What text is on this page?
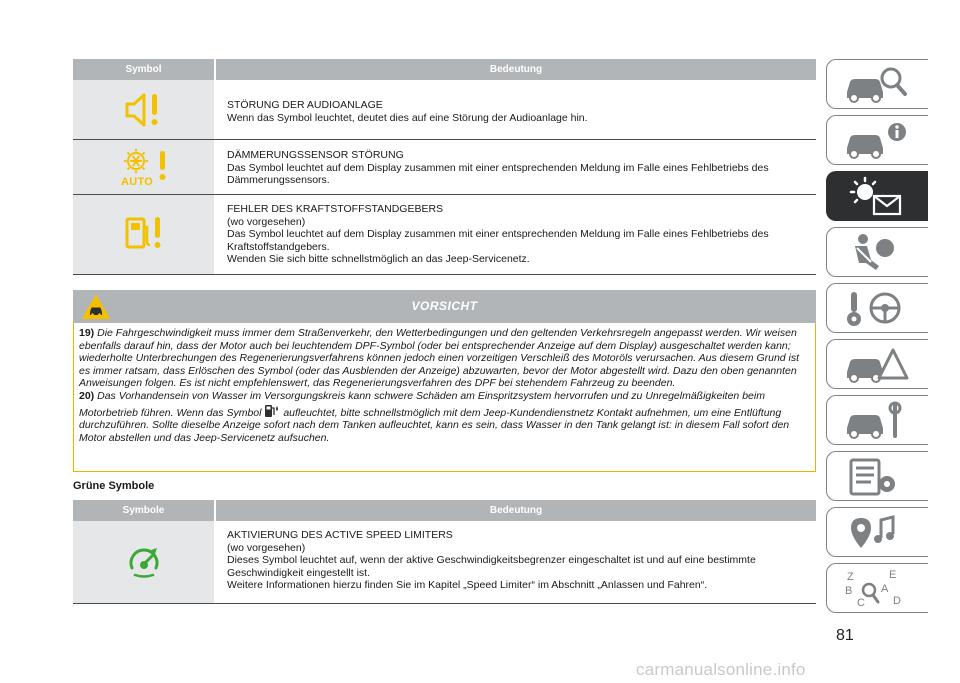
Symbol	Bedeutung
STÖRUNG DER AUDIOANLAGE
Wenn das Symbol leuchtet, deutet dies auf eine Störung der Audioanlage hin.
AUTO
DÄMMERUNGSSENSOR STÖRUNG
Das Symbol leuchtet auf dem Display zusammen mit einer entsprechenden Meldung im Falle eines Fehlbetriebs des Dämmerungssensors.
FEHLER DES KRAFTSTOFFSTANDGEBERS
(wo vorgesehen)
Das Symbol leuchtet auf dem Display zusammen mit einer entsprechenden Meldung im Falle eines Fehlbetriebs des Kraftstoffstandgebers.
Wenden Sie sich bitte schnellstmöglich an das Jeep-Servicenetz.
VORSICHT
19) Die Fahrgeschwindigkeit muss immer dem Straßenverkehr, den Wetterbedingungen und den geltenden Verkehrsregeln angepasst werden. Wir weisen ebenfalls darauf hin, dass der Motor auch bei leuchtendem DPF-Symbol (oder bei entsprechender Anzeige auf dem Display) ausgeschaltet werden kann; wiederholte Unterbrechungen des Regenerierungsverfahrens können jedoch einen vorzeitigen Verschleiß des Motoröls verursachen. Aus diesem Grund ist es immer ratsam, dass Erlöschen des Symbol (oder das Ausblenden der Anzeige) abzuwarten, bevor der Motor abgestellt wird. Dazu den oben genannten Anweisungen folgen. Es ist nicht empfehlenswert, das Regenerierungsverfahren des DPF bei stehendem Fahrzeug zu beenden.
20) Das Vorhandensein von Wasser im Versorgungskreis kann schwere Schäden am Einspritzsystem hervorrufen und zu Unregelmäßigkeiten beim Motorbetrieb führen. Wenn das Symbol aufleuchtet, bitte schnellstmöglich mit dem Jeep-Kundendienstnetz Kontakt aufnehmen, um eine Entlüftung durchzuführen. Sollte dieselbe Anzeige sofort nach dem Tanken aufleuchtet, kann es sein, dass Wasser in den Tank gelangt ist: in diesem Fall sofort den Motor abstellen und das Jeep-Servicenetz aufsuchen.
Grüne Symbole
Symbole	Bedeutung
AKTIVIERUNG DES ACTIVE SPEED LIMITERS
(wo vorgesehen)
Dieses Symbol leuchtet auf, wenn der aktive Geschwindigkeitsbegrenzer eingeschaltet ist und auf eine bestimmte Geschwindigkeit eingestellt ist.
Weitere Informationen hierzu finden Sie im Kapitel „Speed Limiter“ im Abschnitt „Anlassen und Fahren“.
Z	E
B	A
C	D
81
carmanualsonline.info
